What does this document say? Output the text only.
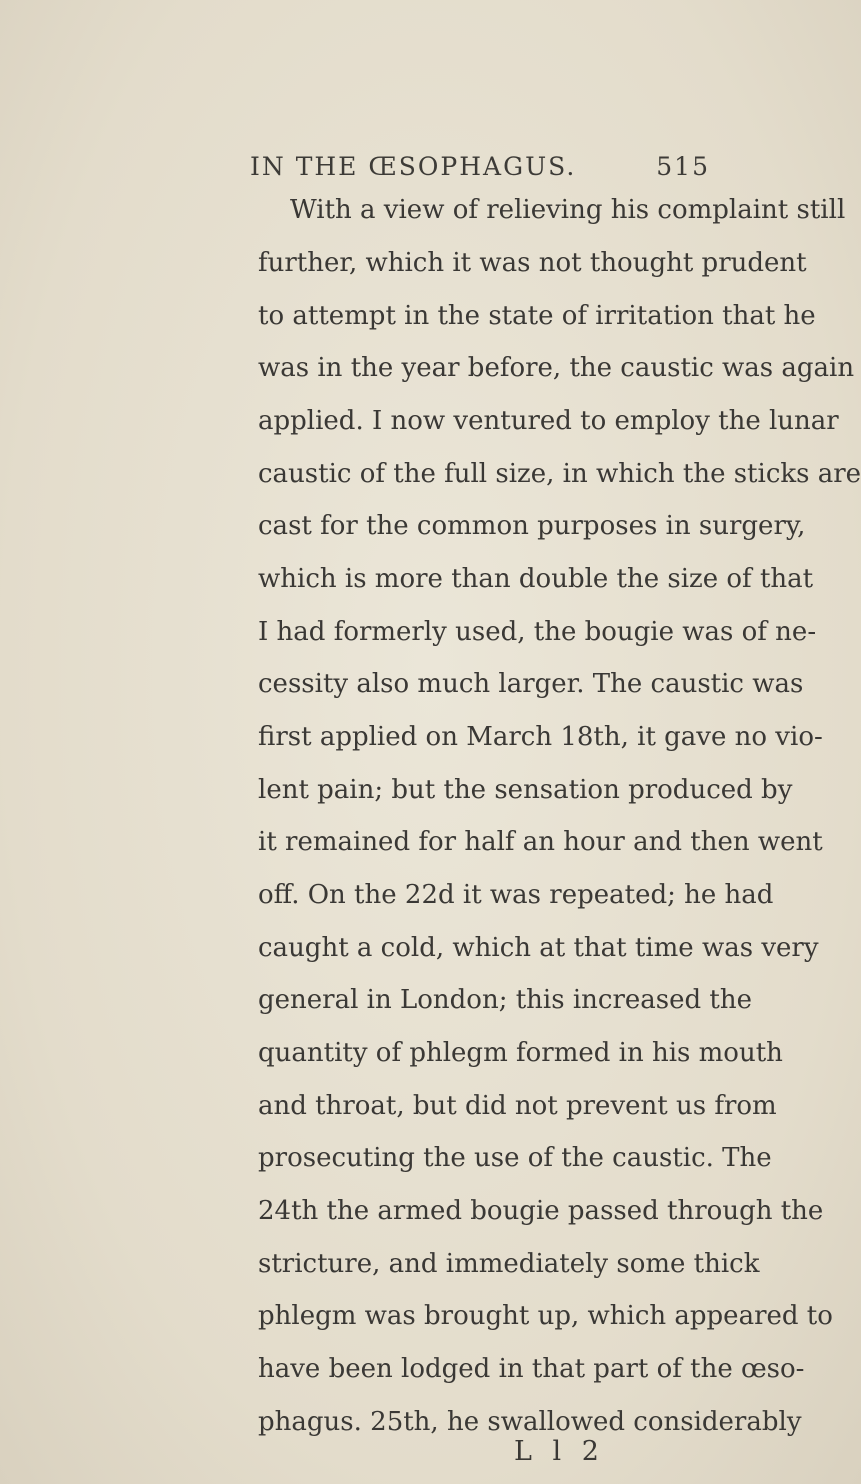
IN THE ŒSOPHAGUS.	515
With a view of relieving his complaint still
further, which it was not thought prudent
to attempt in the state of irritation that he
was in the year before, the caustic was again
applied. I now ventured to employ the lunar
caustic of the full size, in which the sticks are
cast for the common purposes in surgery,
which is more than double the size of that
I had formerly used, the bougie was of ne-
cessity also much larger. The caustic was
first applied on March 18th, it gave no vio-
lent pain; but the sensation produced by
it remained for half an hour and then went
off. On the 22d it was repeated; he had
caught a cold, which at that time was very
general in London; this increased the
quantity of phlegm formed in his mouth
and throat, but did not prevent us from
prosecuting the use of the caustic. The
24th the armed bougie passed through the
stricture, and immediately some thick
phlegm was brought up, which appeared to
have been lodged in that part of the œso-
phagus. 25th, he swallowed considerably
L l 2
